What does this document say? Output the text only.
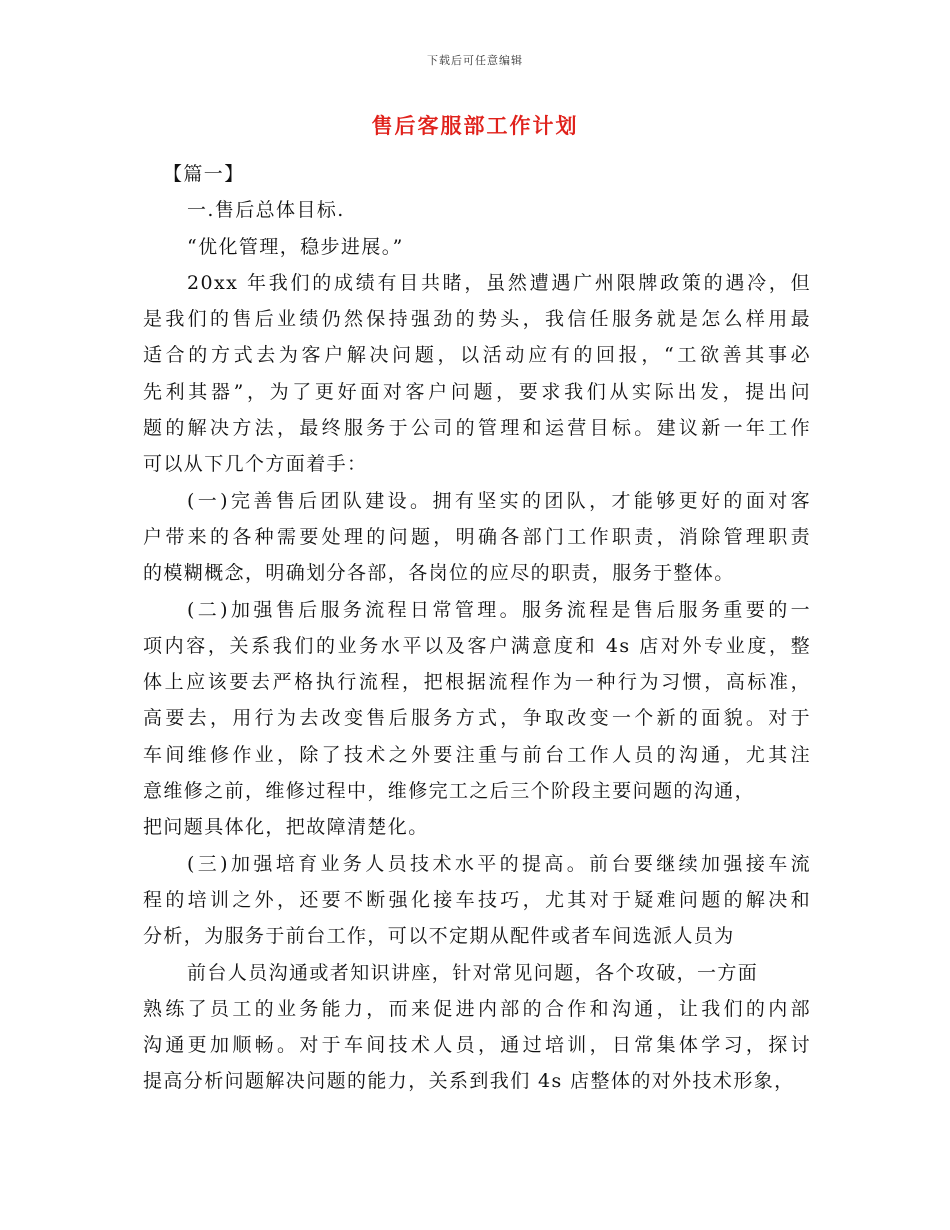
下载后可任意编辑
售后客服部工作计划
【篇一】
一.售后总体目标.
“优化管理，稳步进展。”
20xx 年我们的成绩有目共睹，虽然遭遇广州限牌政策的遇冷，但
是我们的售后业绩仍然保持强劲的势头，我信任服务就是怎么样用最
适合的方式去为客户解决问题，以活动应有的回报，“工欲善其事必
先利其器”，为了更好面对客户问题，要求我们从实际出发，提出问
题的解决方法，最终服务于公司的管理和运营目标。建议新一年工作
可以从下几个方面着手：
(一)完善售后团队建设。拥有坚实的团队，才能够更好的面对客
户带来的各种需要处理的问题，明确各部门工作职责，消除管理职责
的模糊概念，明确划分各部，各岗位的应尽的职责，服务于整体。
(二)加强售后服务流程日常管理。服务流程是售后服务重要的一
项内容，关系我们的业务水平以及客户满意度和 4s 店对外专业度，整
体上应该要去严格执行流程，把根据流程作为一种行为习惯，高标准，
高要去，用行为去改变售后服务方式，争取改变一个新的面貌。对于
车间维修作业，除了技术之外要注重与前台工作人员的沟通，尤其注
意维修之前，维修过程中，维修完工之后三个阶段主要问题的沟通，
把问题具体化，把故障清楚化。
(三)加强培育业务人员技术水平的提高。前台要继续加强接车流
程的培训之外，还要不断强化接车技巧，尤其对于疑难问题的解决和
分析，为服务于前台工作，可以不定期从配件或者车间选派人员为
前台人员沟通或者知识讲座，针对常见问题，各个攻破，一方面
熟练了员工的业务能力，而来促进内部的合作和沟通，让我们的内部
沟通更加顺畅。对于车间技术人员，通过培训，日常集体学习，探讨
提高分析问题解决问题的能力，关系到我们 4s 店整体的对外技术形象，
